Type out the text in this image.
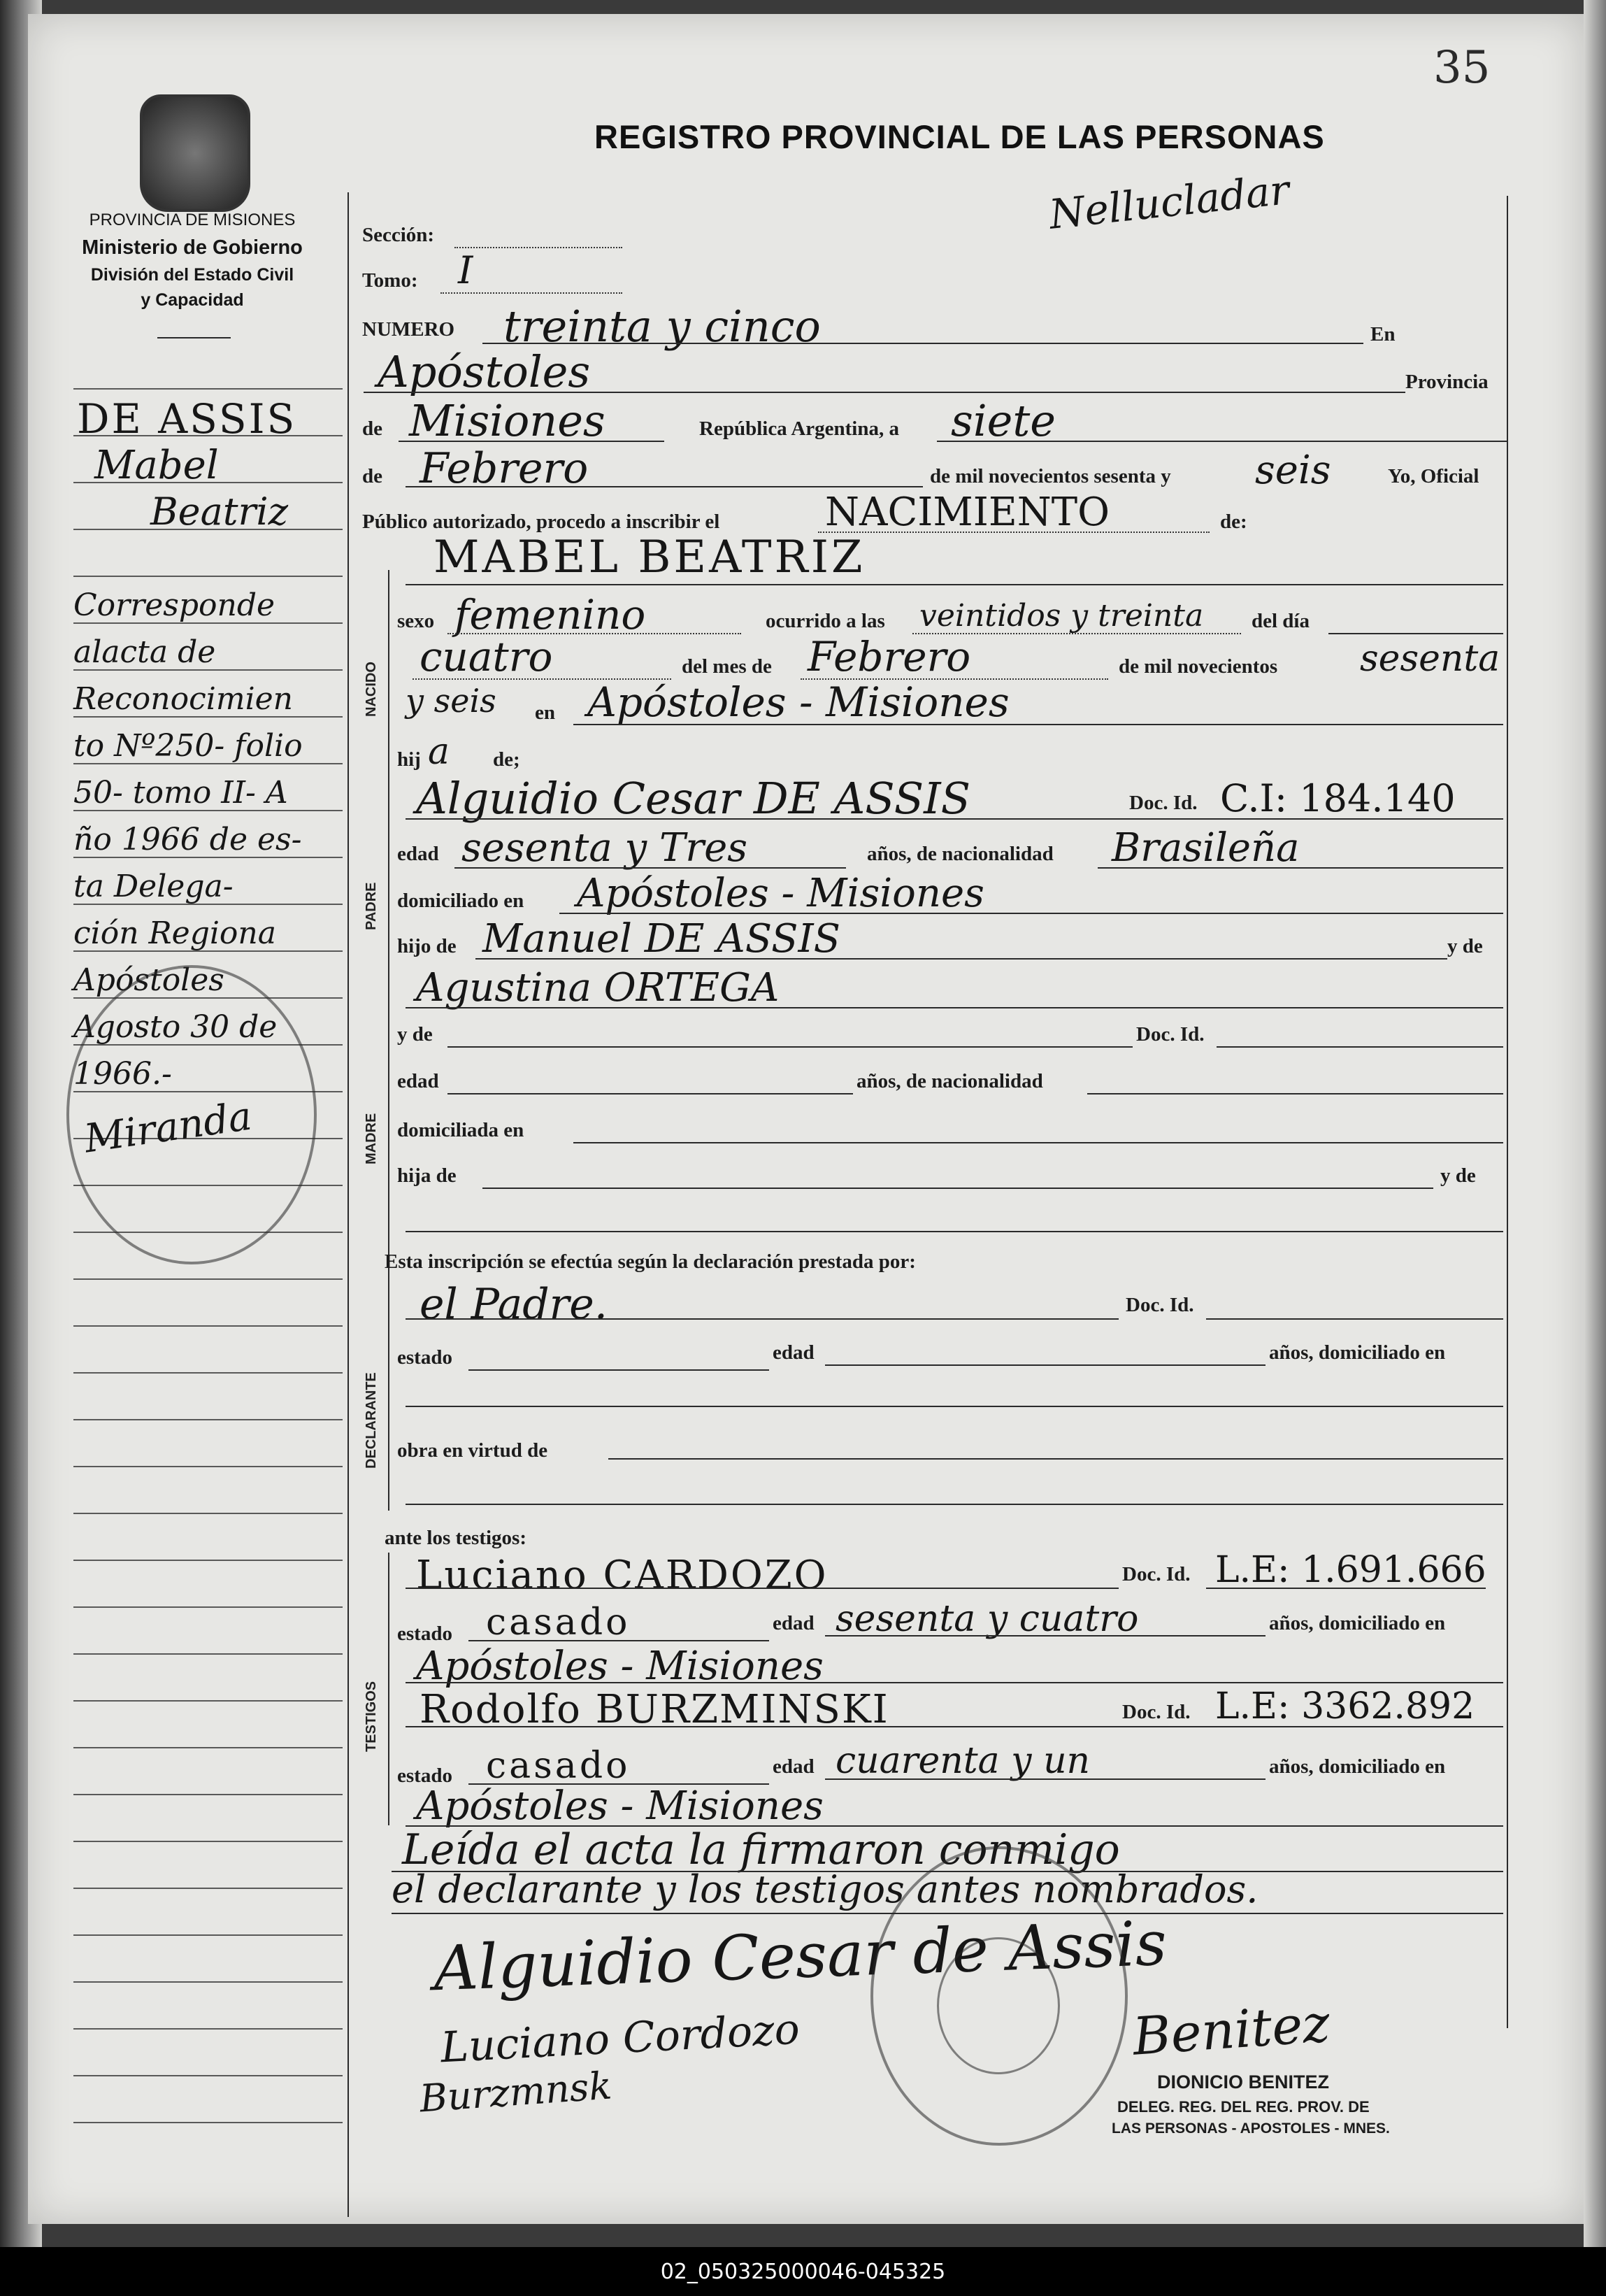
35
REGISTRO PROVINCIAL DE LAS PERSONAS
Nellucladar
PROVINCIA DE MISIONES
Ministerio de Gobierno
División del Estado Civil
y Capacidad
DE ASSIS
Mabel
Beatriz
Corresponde
alacta de
Reconocimien
to Nº250- folio
50- tomo II- A
ño 1966 de es-
ta Delega-
ción Regiona
Apóstoles
Agosto 30 de
1966.-
NACIDO
PADRE
MADRE
DECLARANTE
TESTIGOS
Sección:
Tomo: I
NUMERO treinta y cinco	En
Apóstoles	Provincia
de Misiones	República Argentina, a siete
de Febrero	de mil novecientos sesenta y seis	Yo, Oficial
Público autorizado, procedo a inscribir el	NACIMIENTO	de:
MABEL BEATRIZ
sexo femenino	ocurrido a las veintidos y treinta del día
cuatro	del mes de Febrero	de mil novecientos sesenta
y seis en Apóstoles - Misiones
hij a de;
Alguidio Cesar DE ASSIS	Doc. Id. C.I: 184.140
edad sesenta y Tres	años, de nacionalidad Brasileña
domiciliado en Apóstoles - Misiones
hijo de Manuel DE ASSIS	y de
Agustina ORTEGA
y de	Doc. Id.
edad	años, de nacionalidad
domiciliada en
hija de	y de
Esta inscripción se efectúa según la declaración prestada por:
el Padre.	Doc. Id.
estado	edad	años, domiciliado en
obra en virtud de
ante los testigos:
Luciano CARDOZO	Doc. Id. L.E: 1.691.666
estado casado	edad sesenta y cuatro	años, domiciliado en
Apóstoles - Misiones
Rodolfo BURZMINSKI	Doc. Id. L.E: 3362.892
estado casado	edad cuarenta y un	años, domiciliado en
Apóstoles - Misiones
Leída el acta la firmaron conmigo
el declarante y los testigos antes nombrados.
Alguidio Cesar de Assis
Luciano Cordozo
Burzmnsk
Benitez
Miranda
DIONICIO BENITEZ
DELEG. REG. DEL REG. PROV. DE
LAS PERSONAS - APOSTOLES - MNES.
02_050325000046-045325
